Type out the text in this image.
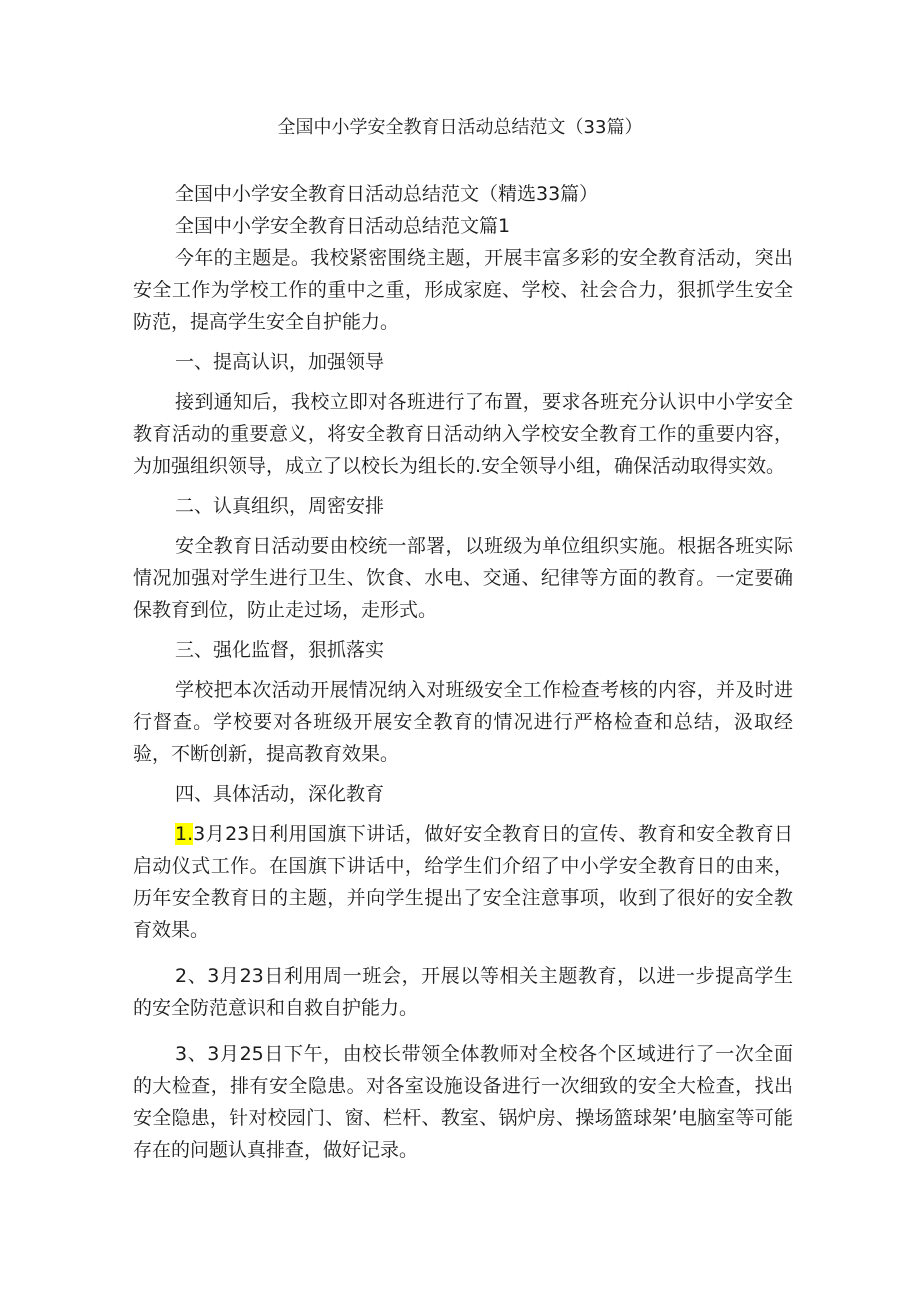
全国中小学安全教育日活动总结范文（33篇）

全国中小学安全教育日活动总结范文（精选33篇）

全国中小学安全教育日活动总结范文篇1

今年的主题是。我校紧密围绕主题，开展丰富多彩的安全教育活动，突出安全工作为学校工作的重中之重，形成家庭、学校、社会合力，狠抓学生安全防范，提高学生安全自护能力。

一、提高认识，加强领导

接到通知后，我校立即对各班进行了布置，要求各班充分认识中小学安全教育活动的重要意义，将安全教育日活动纳入学校安全教育工作的重要内容，为加强组织领导，成立了以校长为组长的.安全领导小组，确保活动取得实效。

二、认真组织，周密安排

安全教育日活动要由校统一部署，以班级为单位组织实施。根据各班实际情况加强对学生进行卫生、饮食、水电、交通、纪律等方面的教育。一定要确保教育到位，防止走过场，走形式。

三、强化监督，狠抓落实

学校把本次活动开展情况纳入对班级安全工作检查考核的内容，并及时进行督查。学校要对各班级开展安全教育的情况进行严格检查和总结，汲取经验，不断创新，提高教育效果。

四、具体活动，深化教育

1.3月23日利用国旗下讲话，做好安全教育日的宣传、教育和安全教育日启动仪式工作。在国旗下讲话中，给学生们介绍了中小学安全教育日的由来，历年安全教育日的主题，并向学生提出了安全注意事项，收到了很好的安全教育效果。

2、3月23日利用周一班会，开展以等相关主题教育，以进一步提高学生的安全防范意识和自救自护能力。

3、3月25日下午，由校长带领全体教师对全校各个区域进行了一次全面的大检查，排有安全隐患。对各室设施设备进行一次细致的安全大检查，找出安全隐患，针对校园门、窗、栏杆、教室、锅炉房、操场篮球架’电脑室等可能存在的问题认真排查，做好记录。
